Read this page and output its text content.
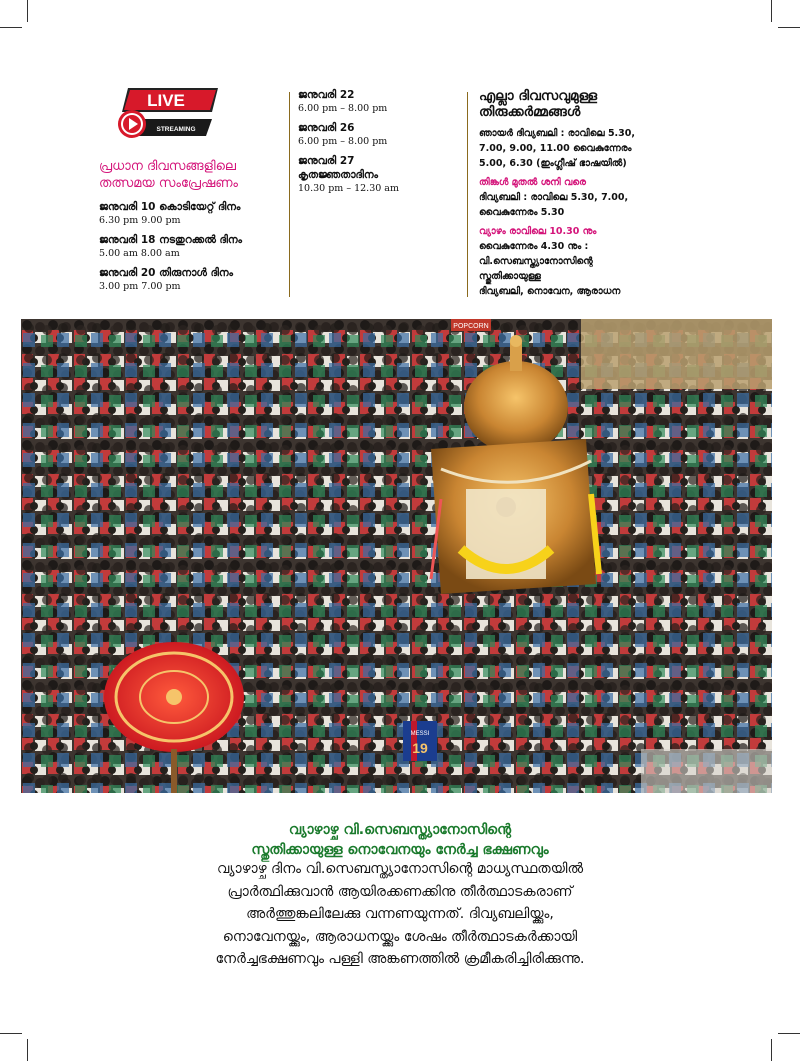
LIVE
STREAMING
പ്രധാന ദിവസങ്ങളിലെ
തത്സമയ സംപ്രേഷണം
ജനുവരി 10 കൊടിയേറ്റ് ദിനം
6.30 pm 9.00 pm
ജനുവരി 18 നടതുറക്കൽ ദിനം
5.00 am 8.00 am
ജനുവരി 20 തിരുനാൾ ദിനം
3.00 pm 7.00 pm
ജനുവരി 22
6.00 pm – 8.00 pm
ജനുവരി 26
6.00 pm – 8.00 pm
ജനുവരി 27
കൃതജ്ഞതാദിനം
10.30 pm – 12.30 am
എല്ലാ ദിവസവുമുള്ള
തിരുക്കർമ്മങ്ങൾ
ഞായർ ദിവ്യബലി : രാവിലെ 5.30,
7.00, 9.00, 11.00 വൈകുന്നേരം
5.00, 6.30 (ഇംഗ്ലീഷ് ഭാഷയിൽ)
തിങ്കൾ മുതൽ ശനി വരെ
ദിവ്യബലി : രാവിലെ 5.30, 7.00,
വൈകുന്നേരം 5.30
വ്യാഴം രാവിലെ 10.30 നും
വൈകുന്നേരം 4.30 നും :
വി.സെബസ്ത്യാനോസിന്റെ
സ്തുതിക്കായുള്ള
ദിവ്യബലി, നൊവേന, ആരാധന
POPCORN
MESSI
19
വ്യാഴാഴ്ച വി.സെബസ്ത്യാനോസിന്റെ
സ്തുതിക്കായുള്ള നൊവേനയും നേർച്ച ഭക്ഷണവും
വ്യാഴാഴ്ച ദിനം വി.സെബസ്ത്യാനോസിന്റെ മാധ്യസ്ഥതയിൽ
പ്രാർത്ഥിക്കുവാൻ ആയിരക്കണക്കിനു തീർത്ഥാടകരാണ്
അർത്തുങ്കലിലേക്കു വന്നണയുന്നത്. ദിവ്യബലിയ്ക്കും,
നൊവേനയ്ക്കും, ആരാധനയ്ക്കും ശേഷം തീർത്ഥാടകർക്കായി
നേർച്ചഭക്ഷണവും പള്ളി അങ്കണത്തിൽ ക്രമീകരിച്ചിരിക്കുന്നു.
